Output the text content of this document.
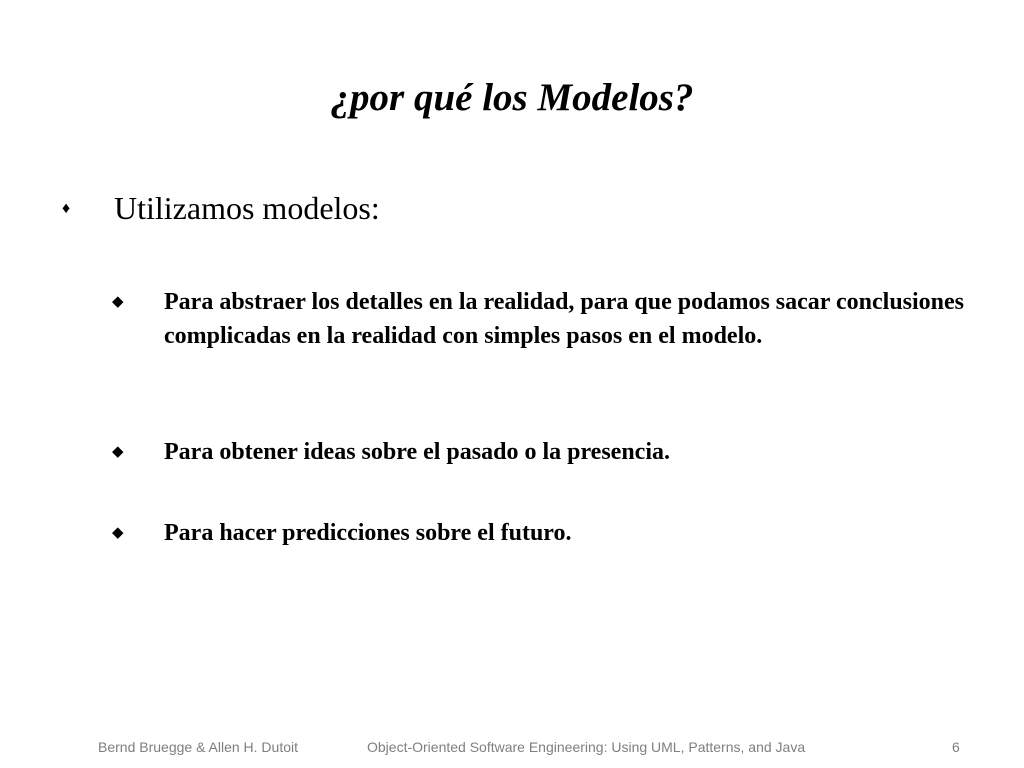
¿por qué los Modelos?
♦ Utilizamos modelos:
◆ Para abstraer los detalles en la realidad, para que podamos sacar conclusiones complicadas en la realidad con simples pasos en el modelo.
◆ Para obtener ideas sobre el pasado o la presencia.
◆ Para hacer predicciones sobre el futuro.
Bernd Bruegge & Allen H. Dutoit	Object-Oriented Software Engineering: Using UML, Patterns, and Java	6
